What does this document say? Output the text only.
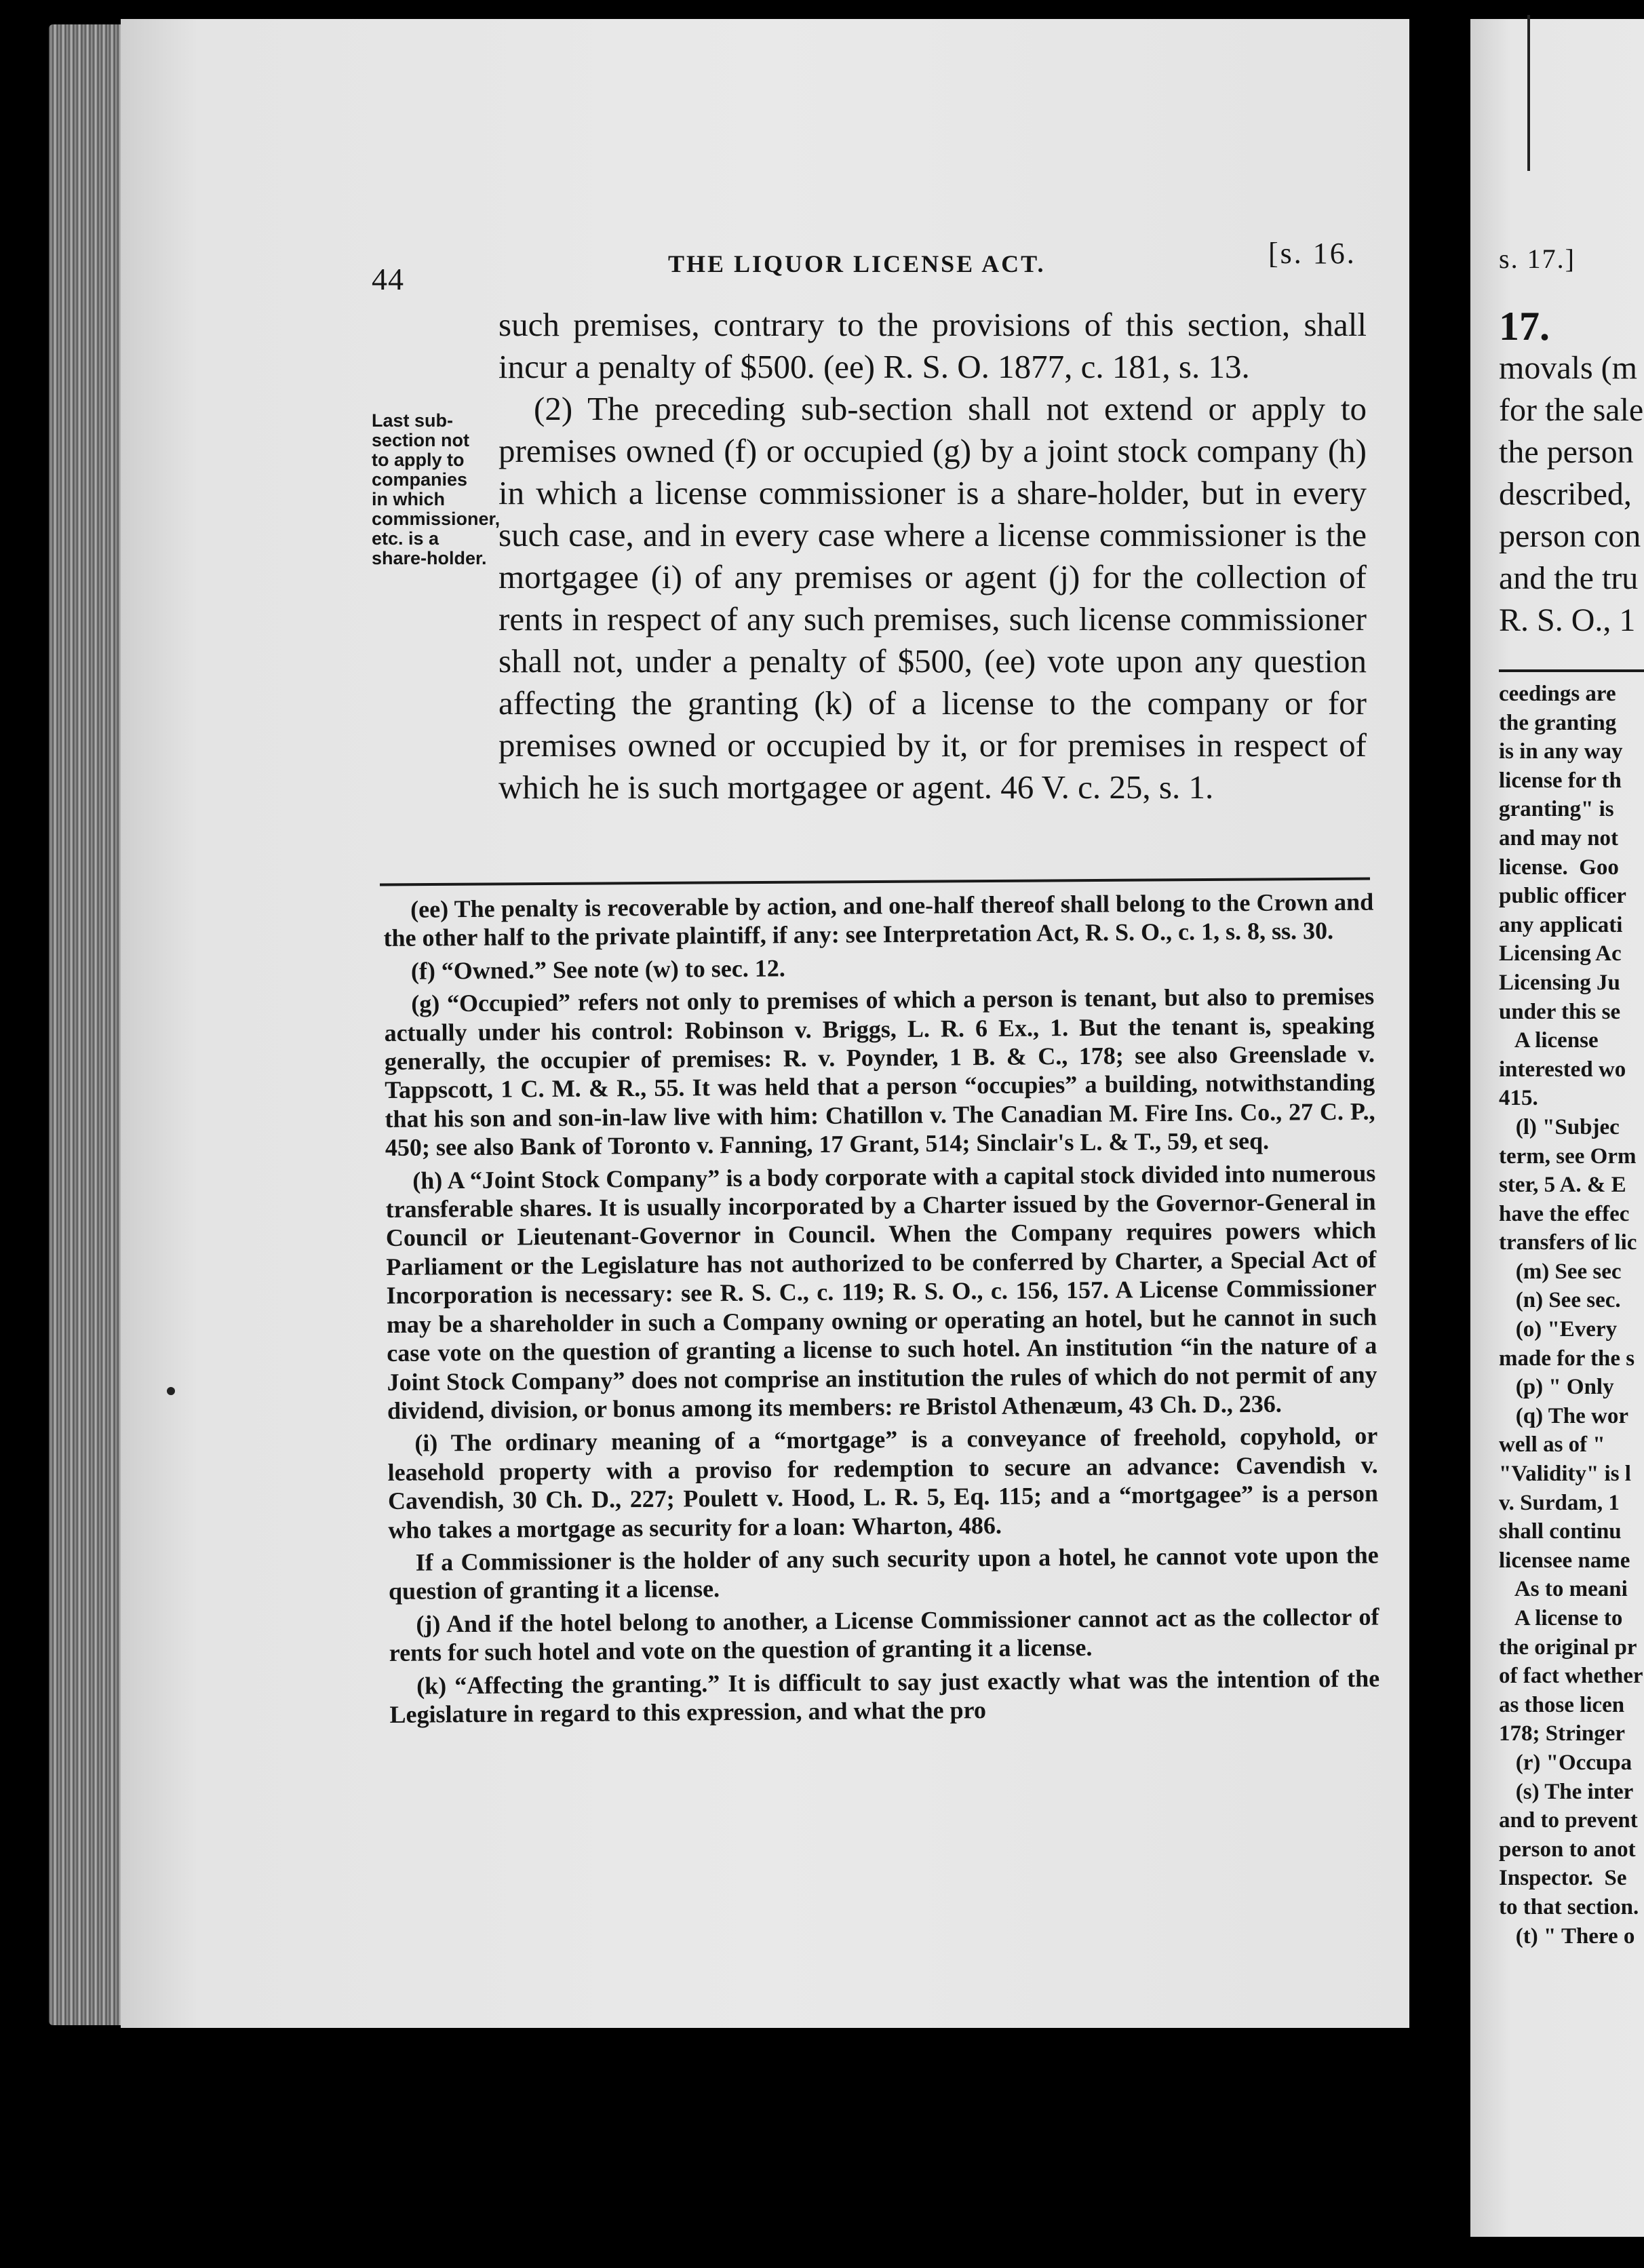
44	THE LIQUOR LICENSE ACT.	[s. 16.
Last sub-section not to apply to companies in which commissioner, etc. is a share-holder.

such premises, contrary to the provisions of this section, shall incur a penalty of $500. (ee) R. S. O. 1877, c. 181, s. 13.

(2) The preceding sub-section shall not extend or apply to premises owned (f) or occupied (g) by a joint stock company (h) in which a license commissioner is a share-holder, but in every such case, and in every case where a license commissioner is the mortgagee (i) of any premises or agent (j) for the collection of rents in respect of any such premises, such license commissioner shall not, under a penalty of $500, (ee) vote upon any question affecting the granting (k) of a license to the company or for premises owned or occupied by it, or for premises in respect of which he is such mortgagee or agent. 46 V. c. 25, s. 1.

(ee) The penalty is recoverable by action, and one-half thereof shall belong to the Crown and the other half to the private plaintiff, if any: see Interpretation Act, R. S. O., c. 1, s. 8, ss. 30.

(f) “Owned.” See note (w) to sec. 12.

(g) “Occupied” refers not only to premises of which a person is tenant, but also to premises actually under his control: Robinson v. Briggs, L. R. 6 Ex., 1. But the tenant is, speaking generally, the occupier of premises: R. v. Poynder, 1 B. & C., 178; see also Greenslade v. Tappscott, 1 C. M. & R., 55. It was held that a person “occupies” a building, notwithstanding that his son and son-in-law live with him: Chatillon v. The Canadian M. Fire Ins. Co., 27 C. P., 450; see also Bank of Toronto v. Fanning, 17 Grant, 514; Sinclair's L. & T., 59, et seq.

(h) A “Joint Stock Company” is a body corporate with a capital stock divided into numerous transferable shares. It is usually incorporated by a Charter issued by the Governor-General in Council or Lieutenant-Governor in Council. When the Company requires powers which Parliament or the Legislature has not authorized to be conferred by Charter, a Special Act of Incorporation is necessary: see R. S. C., c. 119; R. S. O., c. 156, 157. A License Commissioner may be a shareholder in such a Company owning or operating an hotel, but he cannot in such case vote on the question of granting a license to such hotel. An institution “in the nature of a Joint Stock Company” does not comprise an institution the rules of which do not permit of any dividend, division, or bonus among its members: re Bristol Athenæum, 43 Ch. D., 236.

(i) The ordinary meaning of a “mortgage” is a conveyance of freehold, copyhold, or leasehold property with a proviso for redemption to secure an advance: Cavendish v. Cavendish, 30 Ch. D., 227; Poulett v. Hood, L. R. 5, Eq. 115; and a “mortgagee” is a person who takes a mortgage as security for a loan: Wharton, 486.

If a Commissioner is the holder of any such security upon a hotel, he cannot vote upon the question of granting it a license.

(j) And if the hotel belong to another, a License Commissioner cannot act as the collector of rents for such hotel and vote on the question of granting it a license.

(k) “Affecting the granting.” It is difficult to say just exactly what was the intention of the Legislature in regard to this expression, and what the pro

s. 17.]
17.
movals (m
for the sale
the person
described,
person con
and the tru
R. S. O., 1
ceedings are
the granting
is in any way
license for th
granting" is
and may not
license.  Goo
public officer
any applicati
Licensing Ac
Licensing Ju
under this se
A license
interested wo
415.
(l) "Subjec
term, see Orm
ster, 5 A. & E
have the effec
transfers of lic
(m) See sec
(n) See sec.
(o) "Every
made for the s
(p) " Only
(q) The wor
well as of "
"Validity" is l
v. Surdam, 1
shall continu
licensee name
As to meani
A license to
the original pr
of fact whether
as those licen
178; Stringer
(r) "Occupa
(s) The inter
and to prevent
person to anot
Inspector.  Se
to that section.
(t) " There o
